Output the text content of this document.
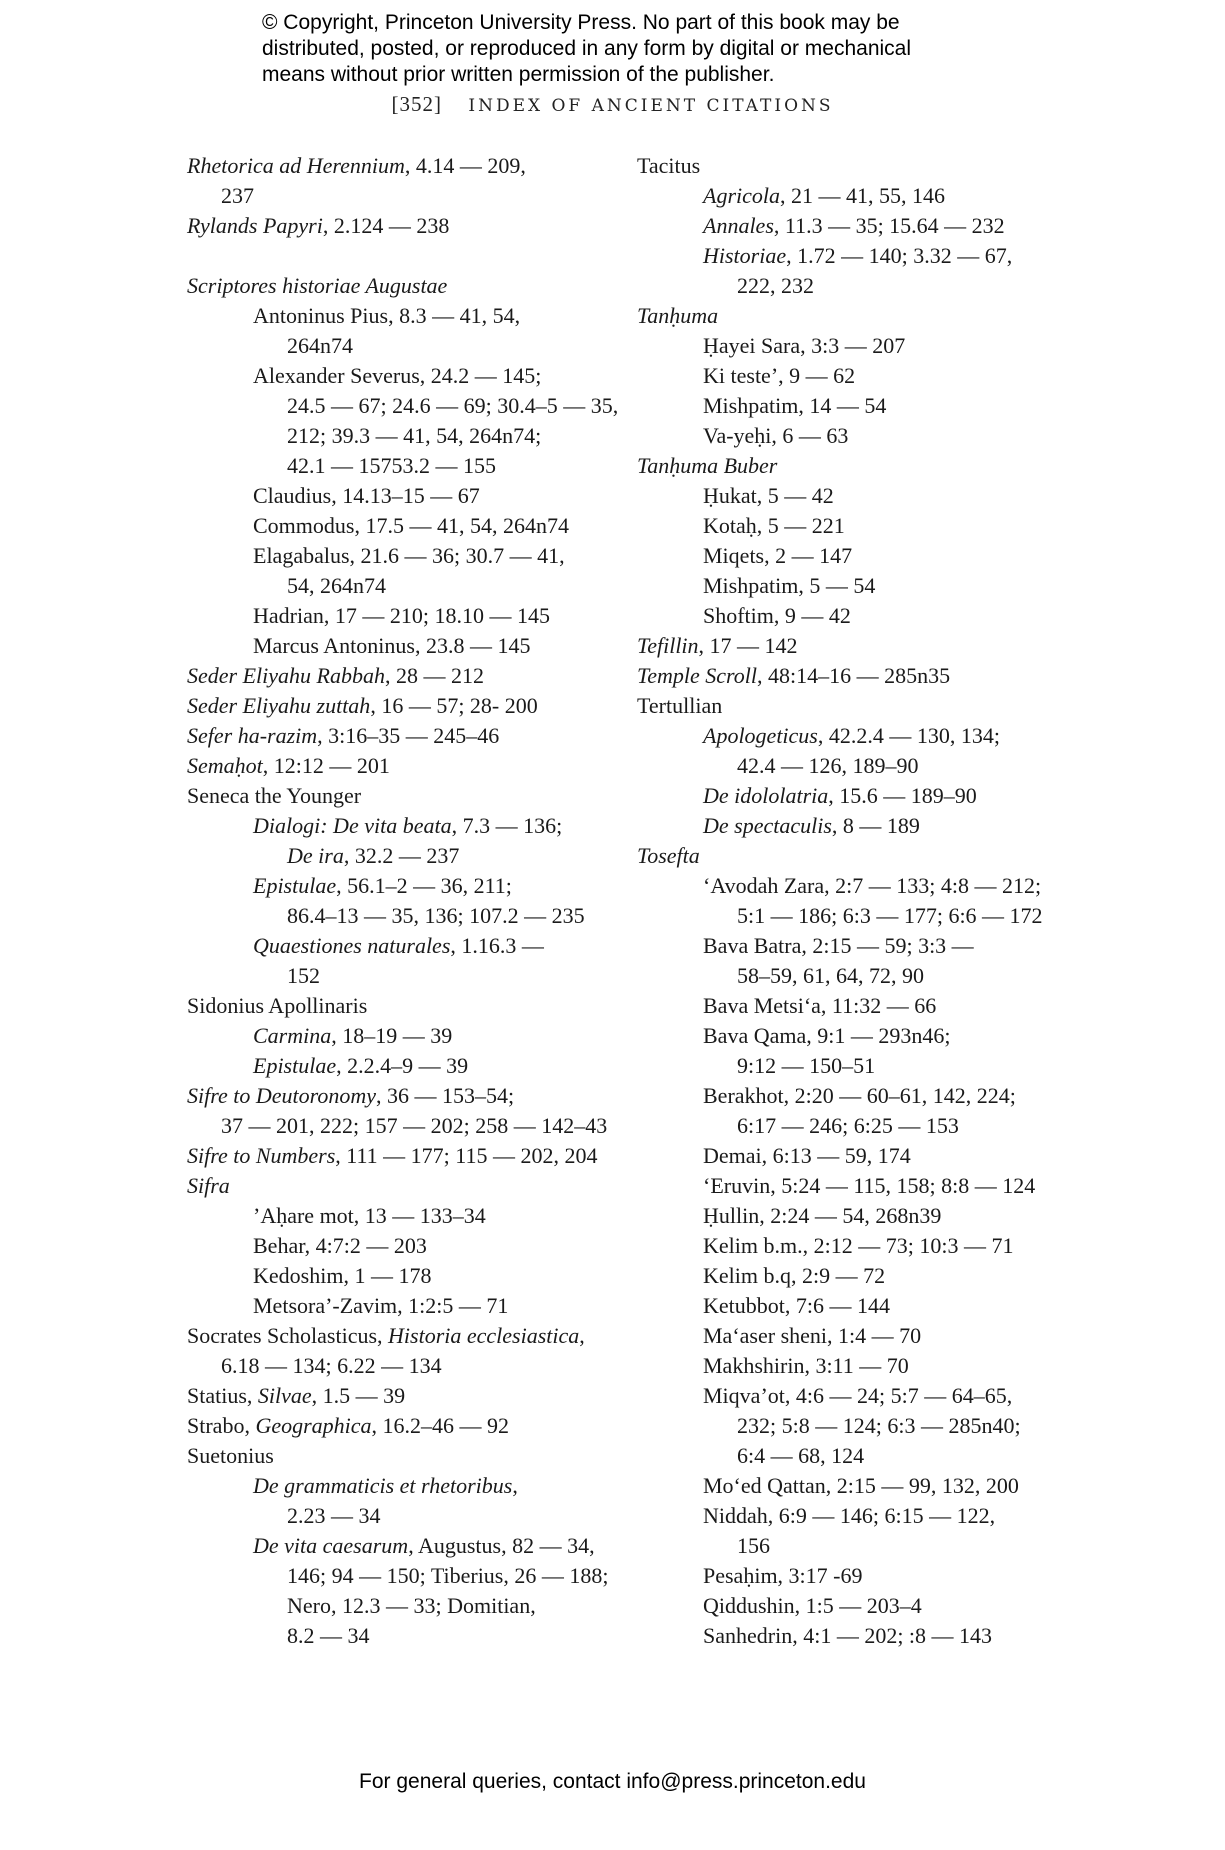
© Copyright, Princeton University Press. No part of this book may be
distributed, posted, or reproduced in any form by digital or mechanical
means without prior written permission of the publisher.
[352] INDEX OF ANCIENT CITATIONS
Rhetorica ad Herennium, 4.14 — 209,
237
Rylands Papyri, 2.124 — 238
Scriptores historiae Augustae
Antoninus Pius, 8.3 — 41, 54,
264n74
Alexander Severus, 24.2 — 145;
24.5 — 67; 24.6 — 69; 30.4–5 — 35,
212; 39.3 — 41, 54, 264n74;
42.1 — 15753.2 — 155
Claudius, 14.13–15 — 67
Commodus, 17.5 — 41, 54, 264n74
Elagabalus, 21.6 — 36; 30.7 — 41,
54, 264n74
Hadrian, 17 — 210; 18.10 — 145
Marcus Antoninus, 23.8 — 145
Seder Eliyahu Rabbah, 28 — 212
Seder Eliyahu zuttah, 16 — 57; 28- 200
Sefer ha-razim, 3:16–35 — 245–46
Semaḥot, 12:12 — 201
Seneca the Younger
Dialogi: De vita beata, 7.3 — 136;
De ira, 32.2 — 237
Epistulae, 56.1–2 — 36, 211;
86.4–13 — 35, 136; 107.2 — 235
Quaestiones naturales, 1.16.3 —
152
Sidonius Apollinaris
Carmina, 18–19 — 39
Epistulae, 2.2.4–9 — 39
Sifre to Deutoronomy, 36 — 153–54;
37 — 201, 222; 157 — 202; 258 — 142–43
Sifre to Numbers, 111 — 177; 115 — 202, 204
Sifra
’Aḥare mot, 13 — 133–34
Behar, 4:7:2 — 203
Kedoshim, 1 — 178
Metsora’-Zavim, 1:2:5 — 71
Socrates Scholasticus, Historia ecclesiastica,
6.18 — 134; 6.22 — 134
Statius, Silvae, 1.5 — 39
Strabo, Geographica, 16.2–46 — 92
Suetonius
De grammaticis et rhetoribus,
2.23 — 34
De vita caesarum, Augustus, 82 — 34,
146; 94 — 150; Tiberius, 26 — 188;
Nero, 12.3 — 33; Domitian,
8.2 — 34
Tacitus
Agricola, 21 — 41, 55, 146
Annales, 11.3 — 35; 15.64 — 232
Historiae, 1.72 — 140; 3.32 — 67,
222, 232
Tanḥuma
Ḥayei Sara, 3:3 — 207
Ki teste’, 9 — 62
Mishpatim, 14 — 54
Va-yeḥi, 6 — 63
Tanḥuma Buber
Ḥukat, 5 — 42
Kotaḥ, 5 — 221
Miqets, 2 — 147
Mishpatim, 5 — 54
Shoftim, 9 — 42
Tefillin, 17 — 142
Temple Scroll, 48:14–16 — 285n35
Tertullian
Apologeticus, 42.2.4 — 130, 134;
42.4 — 126, 189–90
De idololatria, 15.6 — 189–90
De spectaculis, 8 — 189
Tosefta
‘Avodah Zara, 2:7 — 133; 4:8 — 212;
5:1 — 186; 6:3 — 177; 6:6 — 172
Bava Batra, 2:15 — 59; 3:3 —
58–59, 61, 64, 72, 90
Bava Metsi‘a, 11:32 — 66
Bava Qama, 9:1 — 293n46;
9:12 — 150–51
Berakhot, 2:20 — 60–61, 142, 224;
6:17 — 246; 6:25 — 153
Demai, 6:13 — 59, 174
‘Eruvin, 5:24 — 115, 158; 8:8 — 124
Ḥullin, 2:24 — 54, 268n39
Kelim b.m., 2:12 — 73; 10:3 — 71
Kelim b.q, 2:9 — 72
Ketubbot, 7:6 — 144
Ma‘aser sheni, 1:4 — 70
Makhshirin, 3:11 — 70
Miqva’ot, 4:6 — 24; 5:7 — 64–65,
232; 5:8 — 124; 6:3 — 285n40;
6:4 — 68, 124
Mo‘ed Qattan, 2:15 — 99, 132, 200
Niddah, 6:9 — 146; 6:15 — 122,
156
Pesaḥim, 3:17 -69
Qiddushin, 1:5 — 203–4
Sanhedrin, 4:1 — 202; :8 — 143
For general queries, contact info@press.princeton.edu
